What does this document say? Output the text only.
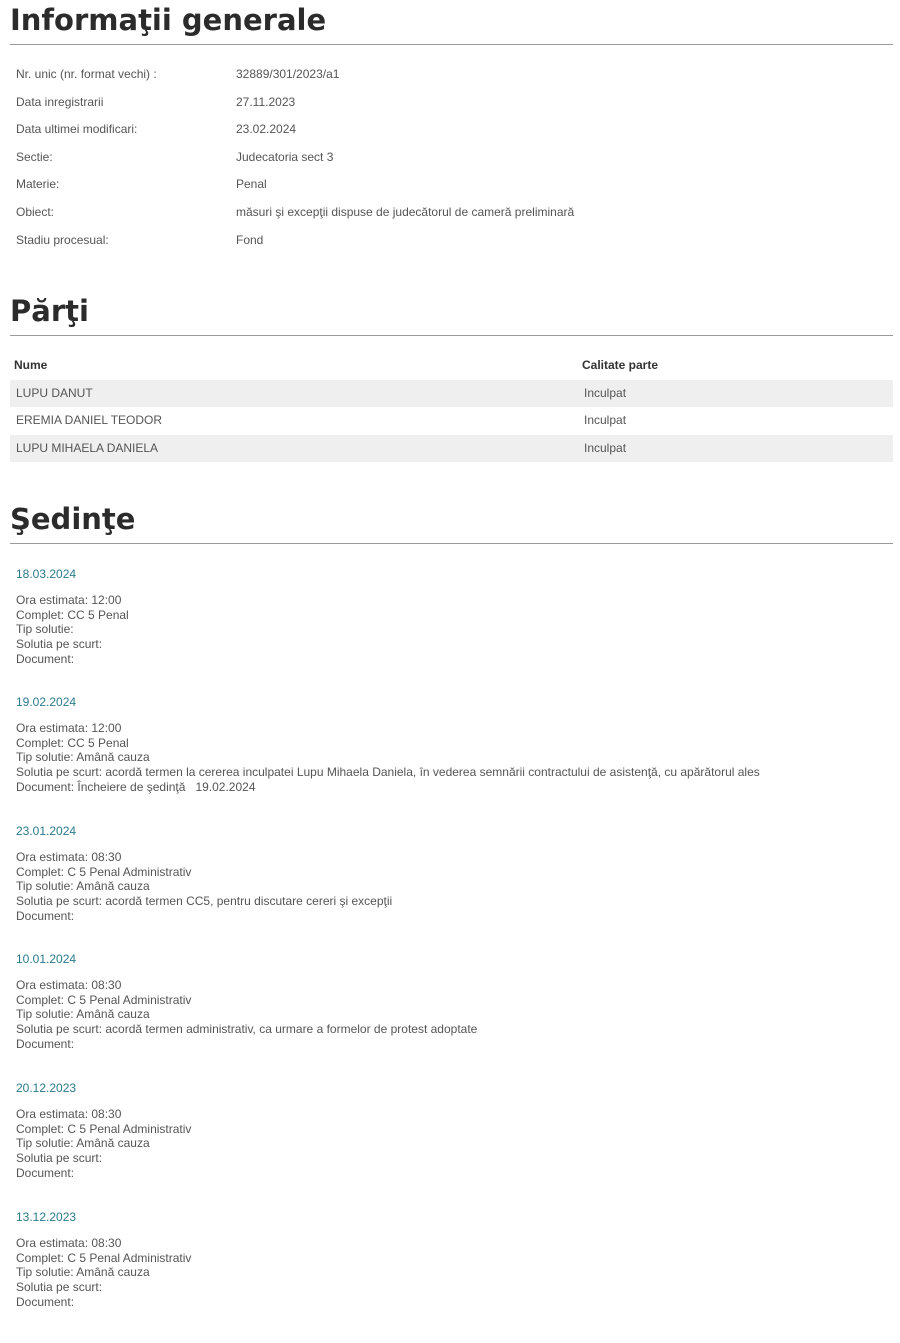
Informaţii generale
Nr. unic (nr. format vechi) :	32889/301/2023/a1
Data inregistrarii	27.11.2023
Data ultimei modificari:	23.02.2024
Sectie:	Judecatoria sect 3
Materie:	Penal
Obiect:	măsuri şi excepţii dispuse de judecătorul de cameră preliminară
Stadiu procesual:	Fond
Părţi
Nume	Calitate parte
LUPU DANUT	Inculpat
EREMIA DANIEL TEODOR	Inculpat
LUPU MIHAELA DANIELA	Inculpat
Şedinţe
18.03.2024
Ora estimata: 12:00
Complet: CC 5 Penal
Tip solutie:
Solutia pe scurt:
Document:
19.02.2024
Ora estimata: 12:00
Complet: CC 5 Penal
Tip solutie: Amână cauza
Solutia pe scurt: acordă termen la cererea inculpatei Lupu Mihaela Daniela, în vederea semnării contractului de asistenţă, cu apărătorul ales
Document: Încheiere de şedinţă 19.02.2024
23.01.2024
Ora estimata: 08:30
Complet: C 5 Penal Administrativ
Tip solutie: Amână cauza
Solutia pe scurt: acordă termen CC5, pentru discutare cereri şi excepţii
Document:
10.01.2024
Ora estimata: 08:30
Complet: C 5 Penal Administrativ
Tip solutie: Amână cauza
Solutia pe scurt: acordă termen administrativ, ca urmare a formelor de protest adoptate
Document:
20.12.2023
Ora estimata: 08:30
Complet: C 5 Penal Administrativ
Tip solutie: Amână cauza
Solutia pe scurt:
Document:
13.12.2023
Ora estimata: 08:30
Complet: C 5 Penal Administrativ
Tip solutie: Amână cauza
Solutia pe scurt:
Document:
